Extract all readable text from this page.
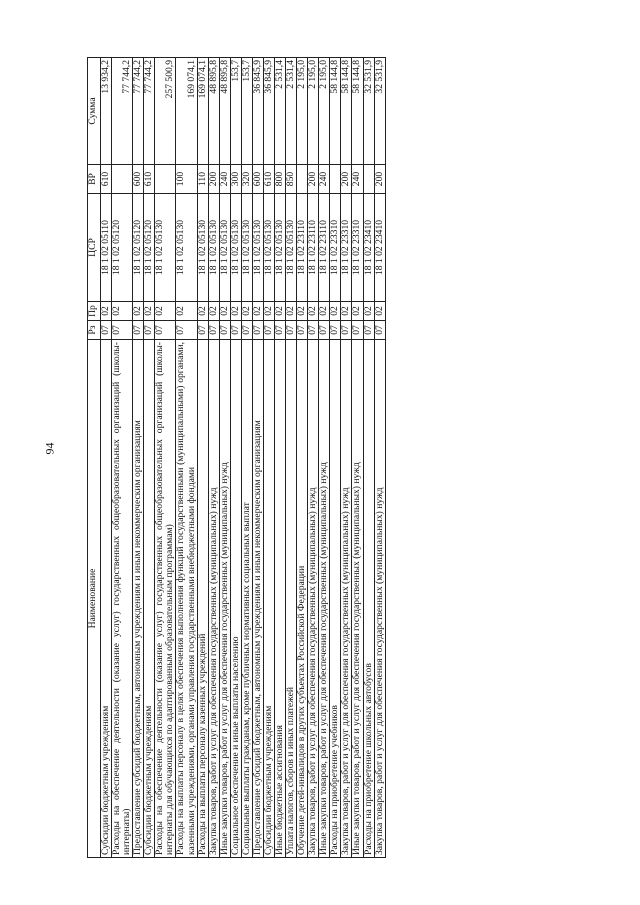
94
Наименование	Рз	Пр	ЦСР	ВР	Сумма
Субсидии бюджетным учреждениям	07	02	18 1 02 05110	610	13 934,2
Расходы на обеспечение деятельности (оказание услуг) государственных общеобразовательных организаций (школы-интернаты)	07	02	18 1 02 05120		77 744,2
Предоставление субсидий бюджетным, автономным учреждениям и иным некоммерческим организациям	07	02	18 1 02 05120	600	77 744,2
Субсидии бюджетным учреждениям	07	02	18 1 02 05120	610	77 744,2
Расходы на обеспечение деятельности (оказание услуг) государственных общеобразовательных организаций (школы-интернаты для обучающихся по адаптированным образовательным программам)	07	02	18 1 02 05130		257 500,9
Расходы на выплаты персоналу в целях обеспечения выполнения функций государственными (муниципальными) органами, казенными учреждениями, органами управления государственными внебюджетными фондами	07	02	18 1 02 05130	100	169 074,1
Расходы на выплаты персоналу казенных учреждений	07	02	18 1 02 05130	110	169 074,1
Закупка товаров, работ и услуг для обеспечения государственных (муниципальных) нужд	07	02	18 1 02 05130	200	48 895,8
Иные закупки товаров, работ и услуг для обеспечения государственных (муниципальных) нужд	07	02	18 1 02 05130	240	48 895,8
Социальное обеспечение и иные выплаты населению	07	02	18 1 02 05130	300	153,7
Социальные выплаты гражданам, кроме публичных нормативных социальных выплат	07	02	18 1 02 05130	320	153,7
Предоставление субсидий бюджетным, автономным учреждениям и иным некоммерческим организациям	07	02	18 1 02 05130	600	36 845,9
Субсидии бюджетным учреждениям	07	02	18 1 02 05130	610	36 845,9
Иные бюджетные ассигнования	07	02	18 1 02 05130	800	2 531,4
Уплата налогов, сборов и иных платежей	07	02	18 1 02 05130	850	2 531,4
Обучение детей-инвалидов в других субъектах Российской Федерации	07	02	18 1 02 23110		2 195,0
Закупка товаров, работ и услуг для обеспечения государственных (муниципальных) нужд	07	02	18 1 02 23110	200	2 195,0
Иные закупки товаров, работ и услуг для обеспечения государственных (муниципальных) нужд	07	02	18 1 02 23110	240	2 195,0
Расходы на приобретение учебников	07	02	18 1 02 23310		58 144,8
Закупка товаров, работ и услуг для обеспечения государственных (муниципальных) нужд	07	02	18 1 02 23310	200	58 144,8
Иные закупки товаров, работ и услуг для обеспечения государственных (муниципальных) нужд	07	02	18 1 02 23310	240	58 144,8
Расходы на приобретение школьных автобусов	07	02	18 1 02 23410		32 531,9
Закупка товаров, работ и услуг для обеспечения государственных (муниципальных) нужд	07	02	18 1 02 23410	200	32 531,9
